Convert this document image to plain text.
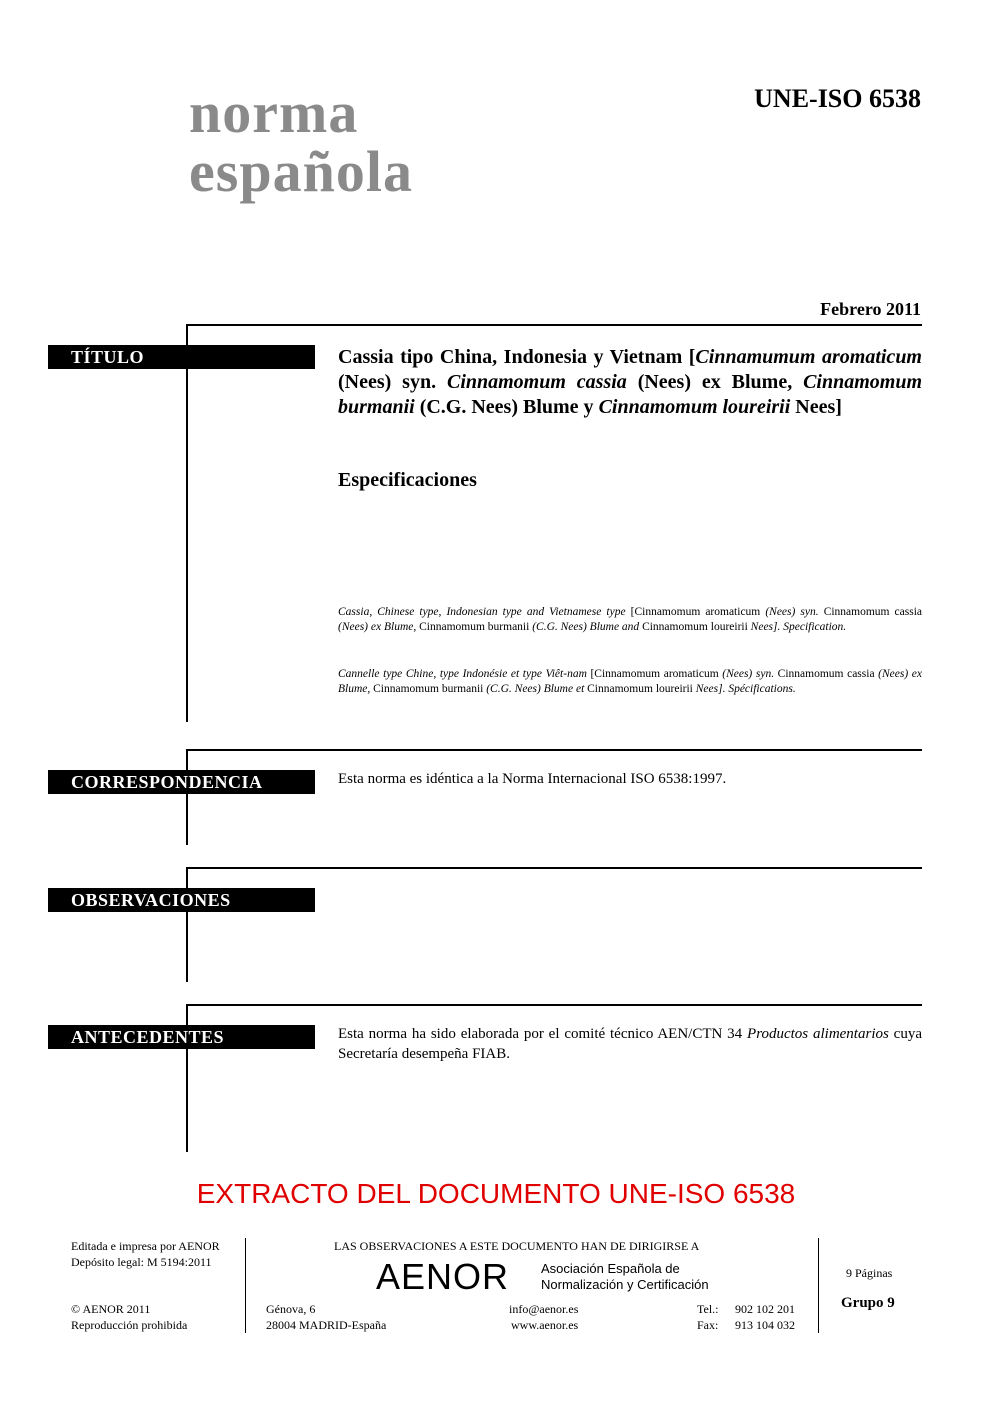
norma
española
UNE-ISO 6538
Febrero 2011
TÍTULO	Cassia tipo China, Indonesia y Vietnam [Cinnamumum aromaticum (Nees) syn. Cinnamomum cassia (Nees) ex Blume, Cinnamomum burmanii (C.G. Nees) Blume y Cinnamomum loureirii Nees]
Especificaciones
Cassia, Chinese type, Indonesian type and Vietnamese type [Cinnamomum aromaticum (Nees) syn. Cinnamomum cassia (Nees) ex Blume, Cinnamomum burmanii (C.G. Nees) Blume and Cinnamomum loureirii Nees]. Specification.
Cannelle type Chine, type Indonésie et type Viêt-nam [Cinnamomum aromaticum (Nees) syn. Cinnamomum cassia (Nees) ex Blume, Cinnamomum burmanii (C.G. Nees) Blume et Cinnamomum loureirii Nees]. Spécifications.
CORRESPONDENCIA	Esta norma es idéntica a la Norma Internacional ISO 6538:1997.
OBSERVACIONES
ANTECEDENTES	Esta norma ha sido elaborada por el comité técnico AEN/CTN 34 Productos alimentarios cuya Secretaría desempeña FIAB.
EXTRACTO DEL DOCUMENTO UNE-ISO 6538
Editada e impresa por AENOR
Depósito legal: M 5194:2011
© AENOR 2011
Reproducción prohibida
LAS OBSERVACIONES A ESTE DOCUMENTO HAN DE DIRIGIRSE A
AENOR Asociación Española de
Normalización y Certificación
Génova, 6
28004 MADRID-España
info@aenor.es
www.aenor.es
Tel.: 902 102 201
Fax: 913 104 032
9 Páginas
Grupo 9
